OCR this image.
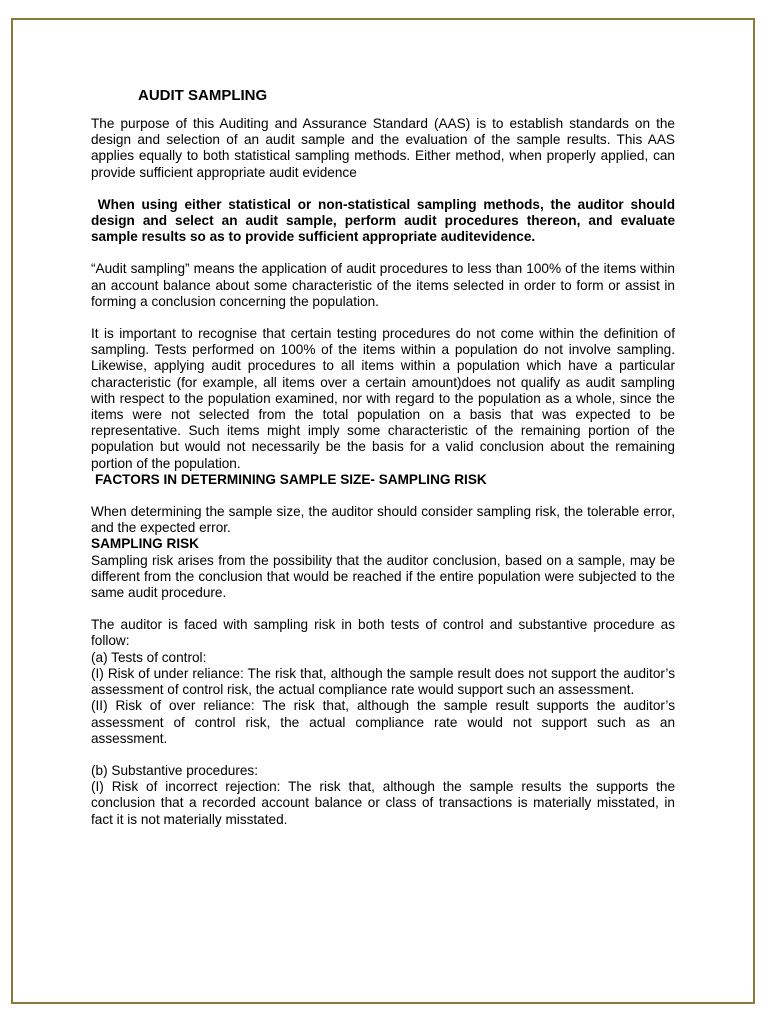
AUDIT SAMPLING

The purpose of this Auditing and Assurance Standard (AAS) is to establish standards on the design and selection of an audit sample and the evaluation of the sample results. This AAS applies equally to both statistical sampling methods. Either method, when properly applied, can provide sufficient appropriate audit evidence

When using either statistical or non-statistical sampling methods, the auditor should design and select an audit sample, perform audit procedures thereon, and evaluate sample results so as to provide sufficient appropriate auditevidence.

“Audit sampling” means the application of audit procedures to less than 100% of the items within an account balance about some characteristic of the items selected in order to form or assist in forming a conclusion concerning the population.

It is important to recognise that certain testing procedures do not come within the definition of sampling. Tests performed on 100% of the items within a population do not involve sampling. Likewise, applying audit procedures to all items within a population which have a particular characteristic (for example, all items over a certain amount)does not qualify as audit sampling with respect to the population examined, nor with regard to the population as a whole, since the items were not selected from the total population on a basis that was expected to be representative. Such items might imply some characteristic of the remaining portion of the population but would not necessarily be the basis for a valid conclusion about the remaining portion of the population.

FACTORS IN DETERMINING SAMPLE SIZE- SAMPLING RISK

When determining the sample size, the auditor should consider sampling risk, the tolerable error, and the expected error.

SAMPLING RISK

Sampling risk arises from the possibility that the auditor conclusion, based on a sample, may be different from the conclusion that would be reached if the entire population were subjected to the same audit procedure.

The auditor is faced with sampling risk in both tests of control and substantive procedure as follow:

(a) Tests of control:

(I) Risk of under reliance: The risk that, although the sample result does not support the auditor’s assessment of control risk, the actual compliance rate would support such an assessment.

(II) Risk of over reliance: The risk that, although the sample result supports the auditor’s assessment of control risk, the actual compliance rate would not support such as an assessment.

(b) Substantive procedures:

(I) Risk of incorrect rejection: The risk that, although the sample results the supports the conclusion that a recorded account balance or class of transactions is materially misstated, in fact it is not materially misstated.
